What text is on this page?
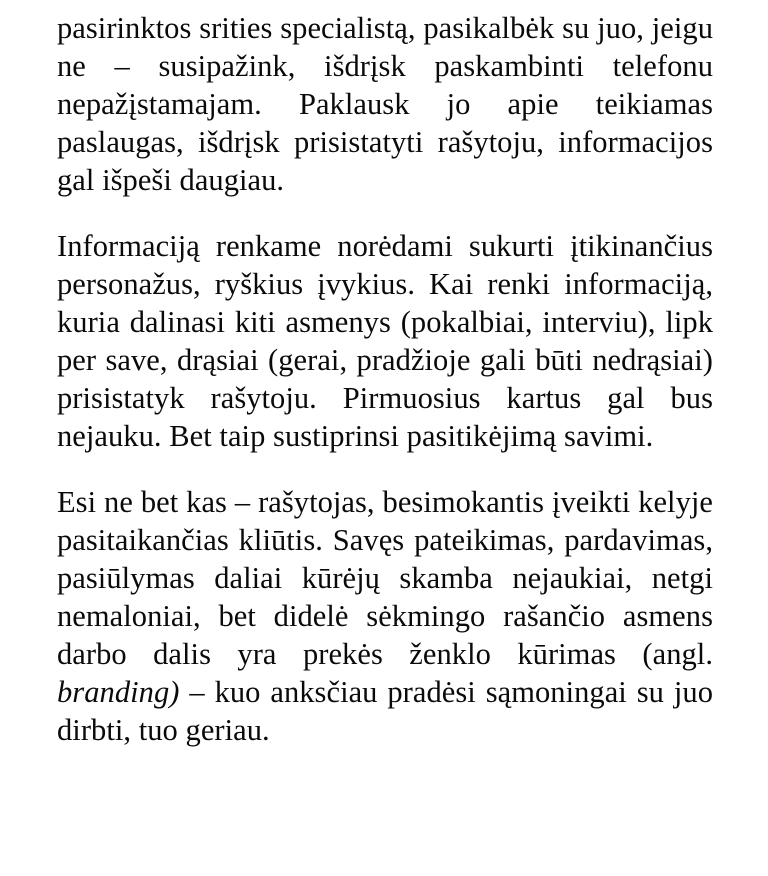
pasirinktos srities specialistą, pasikalbėk su juo, jeigu ne – susipažink, išdrįsk paskambinti telefonu nepažįstamajam. Paklausk jo apie teikiamas paslaugas, išdrįsk prisistatyti rašytoju, informacijos gal išpeši daugiau.

Informaciją renkame norėdami sukurti įtikinančius personažus, ryškius įvykius. Kai renki informaciją, kuria dalinasi kiti asmenys (pokalbiai, interviu), lipk per save, drąsiai (gerai, pradžioje gali būti nedrąsiai) prisistatyk rašytoju. Pirmuosius kartus gal bus nejauku. Bet taip sustiprinsi pasitikėjimą savimi.

Esi ne bet kas – rašytojas, besimokantis įveikti kelyje pasitaikančias kliūtis. Savęs pateikimas, pardavimas, pasiūlymas daliai kūrėjų skamba nejaukiai, netgi nemaloniai, bet didelė sėkmingo rašančio asmens darbo dalis yra prekės ženklo kūrimas (angl. branding) – kuo anksčiau pradėsi sąmoningai su juo dirbti, tuo geriau.
